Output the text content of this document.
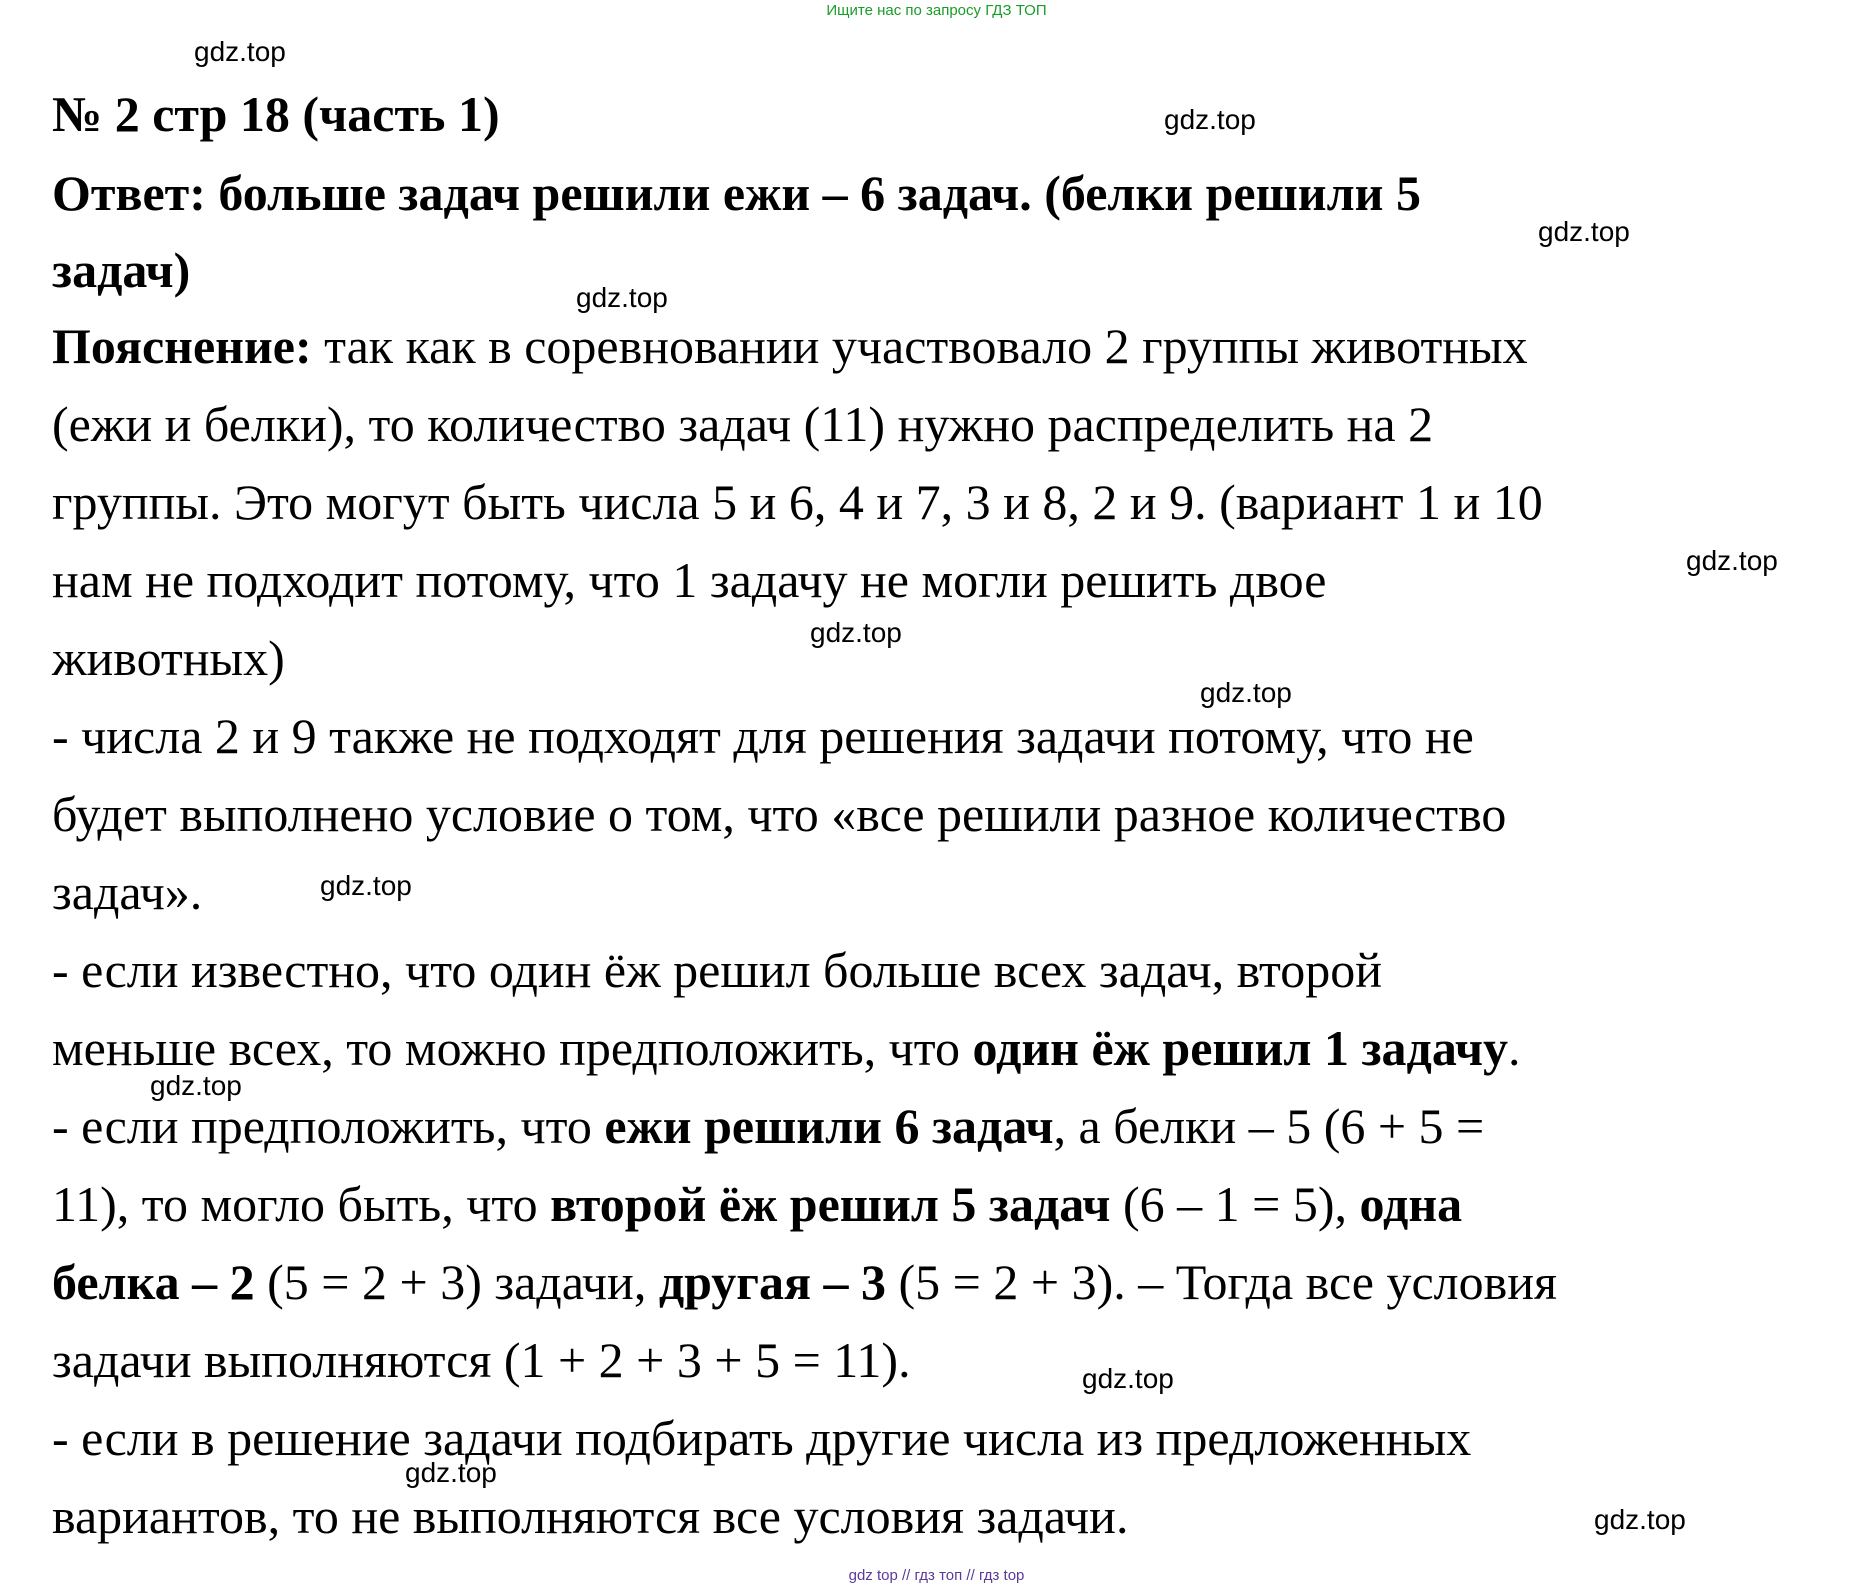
Ищите нас по запросу ГДЗ ТОП
№ 2 стр 18 (часть 1)
Ответ: больше задач решили ежи – 6 задач. (белки решили 5
задач)
Пояснение: так как в соревновании участвовало 2 группы животных
(ежи и белки), то количество задач (11) нужно распределить на 2
группы. Это могут быть числа 5 и 6, 4 и 7, 3 и 8, 2 и 9. (вариант 1 и 10
нам не подходит потому, что 1 задачу не могли решить двое
животных)
- числа 2 и 9 также не подходят для решения задачи потому, что не
будет выполнено условие о том, что «все решили разное количество
задач».
- если известно, что один ёж решил больше всех задач, второй
меньше всех, то можно предположить, что один ёж решил 1 задачу.
- если предположить, что ежи решили 6 задач, а белки – 5 (6 + 5 =
11), то могло быть, что второй ёж решил 5 задач (6 – 1 = 5), одна
белка – 2 (5 = 2 + 3) задачи, другая – 3 (5 = 2 + 3). – Тогда все условия
задачи выполняются (1 + 2 + 3 + 5 = 11).
- если в решение задачи подбирать другие числа из предложенных
вариантов, то не выполняются все условия задачи.
gdz.top
gdz.top
gdz.top
gdz.top
gdz.top
gdz.top
gdz.top
gdz.top
gdz.top
gdz.top
gdz.top
gdz.top
gdz top // гдз топ // гдз top
